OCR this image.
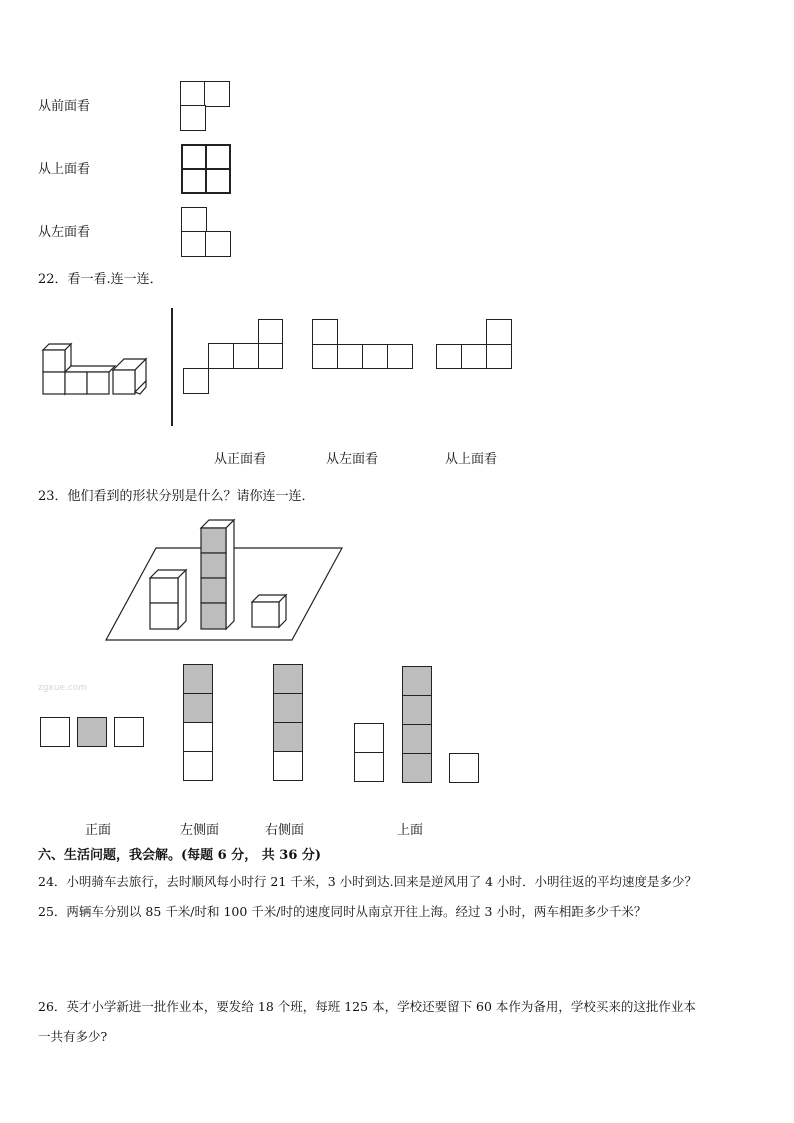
从前面看
从上面看
从左面看
22．看一看.连一连．
从正面看	从左面看	从上面看
23．他们看到的形状分别是什么？请你连一连．
zgxue.com
正面	左侧面	右侧面	上面
六、生活问题，我会解。(每题 6 分， 共 36 分)
24．小明骑车去旅行，去时顺风每小时行 21 千米，3 小时到达.回来是逆风用了 4 小时．小明往返的平均速度是多少？
25．两辆车分别以 85 千米/时和 100 千米/时的速度同时从南京开往上海。经过 3 小时，两车相距多少千米？
26．英才小学新进一批作业本，要发给 18 个班，每班 125 本，学校还要留下 60 本作为备用，学校买来的这批作业本
一共有多少?
